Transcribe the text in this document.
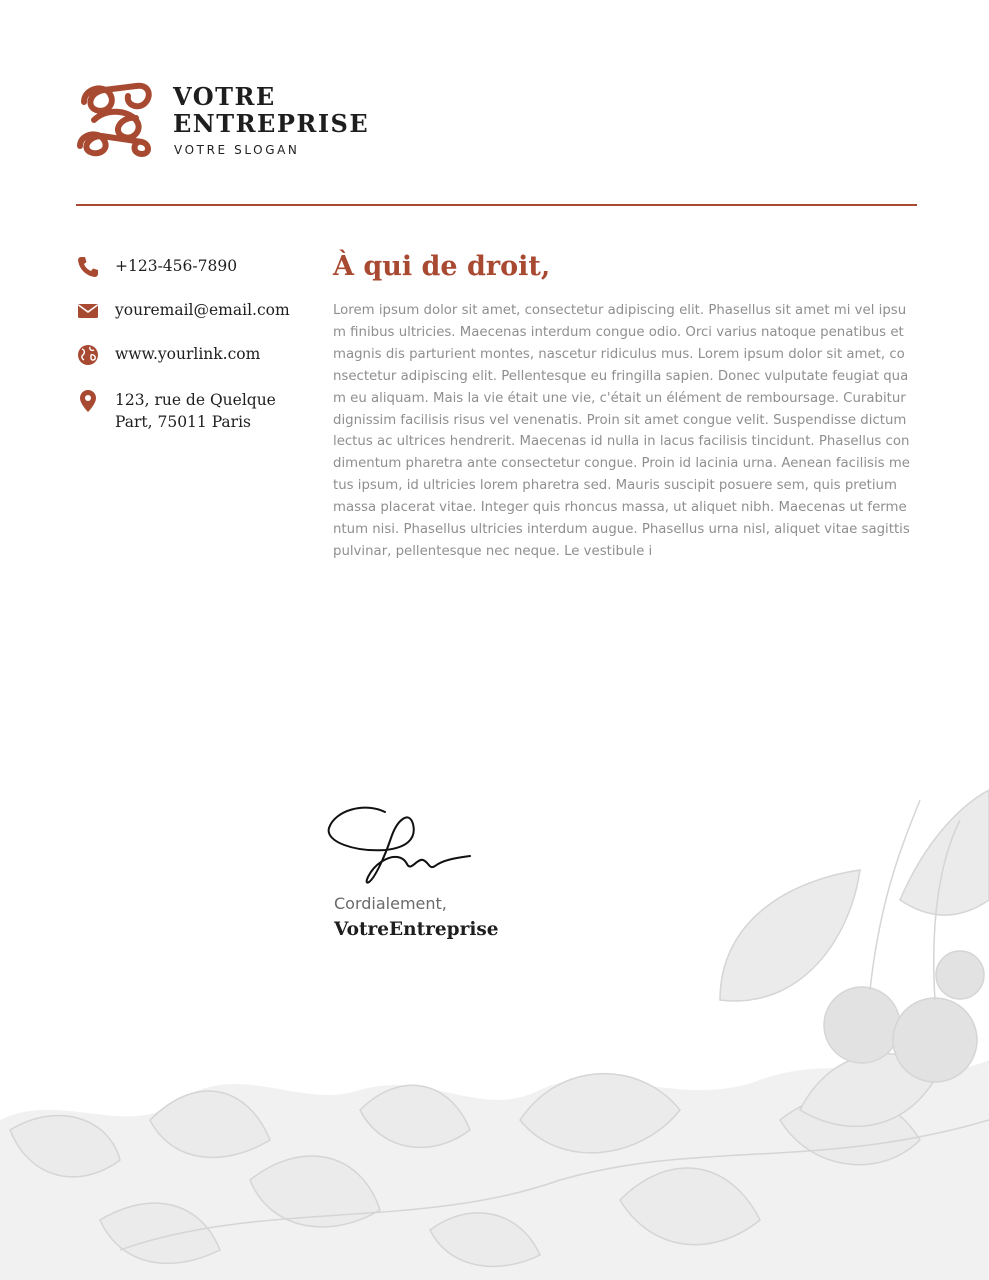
VOTRE ENTREPRISE
VOTRE SLOGAN
+123-456-7890
youremail@email.com
www.yourlink.com
123, rue de Quelque Part, 75011 Paris
À qui de droit,

Lorem ipsum dolor sit amet, consectetur adipiscing elit. Phasellus sit amet mi vel ipsum finibus ultricies. Maecenas interdum congue odio. Orci varius natoque penatibus et magnis dis parturient montes, nascetur ridiculus mus. Lorem ipsum dolor sit amet, consectetur adipiscing elit. Pellentesque eu fringilla sapien. Donec vulputate feugiat quam eu aliquam. Mais la vie était une vie, c'était un élément de remboursage. Curabitur dignissim facilisis risus vel venenatis. Proin sit amet congue velit. Suspendisse dictum lectus ac ultrices hendrerit. Maecenas id nulla in lacus facilisis tincidunt. Phasellus condimentum pharetra ante consectetur congue. Proin id lacinia urna. Aenean facilisis metus ipsum, id ultricies lorem pharetra sed. Mauris suscipit posuere sem, quis pretium massa placerat vitae. Integer quis rhoncus massa, ut aliquet nibh. Maecenas ut fermentum nisi. Phasellus ultricies interdum augue. Phasellus urna nisl, aliquet vitae sagittis pulvinar, pellentesque nec neque. Le vestibule i

Cordialement,
VotreEntreprise
